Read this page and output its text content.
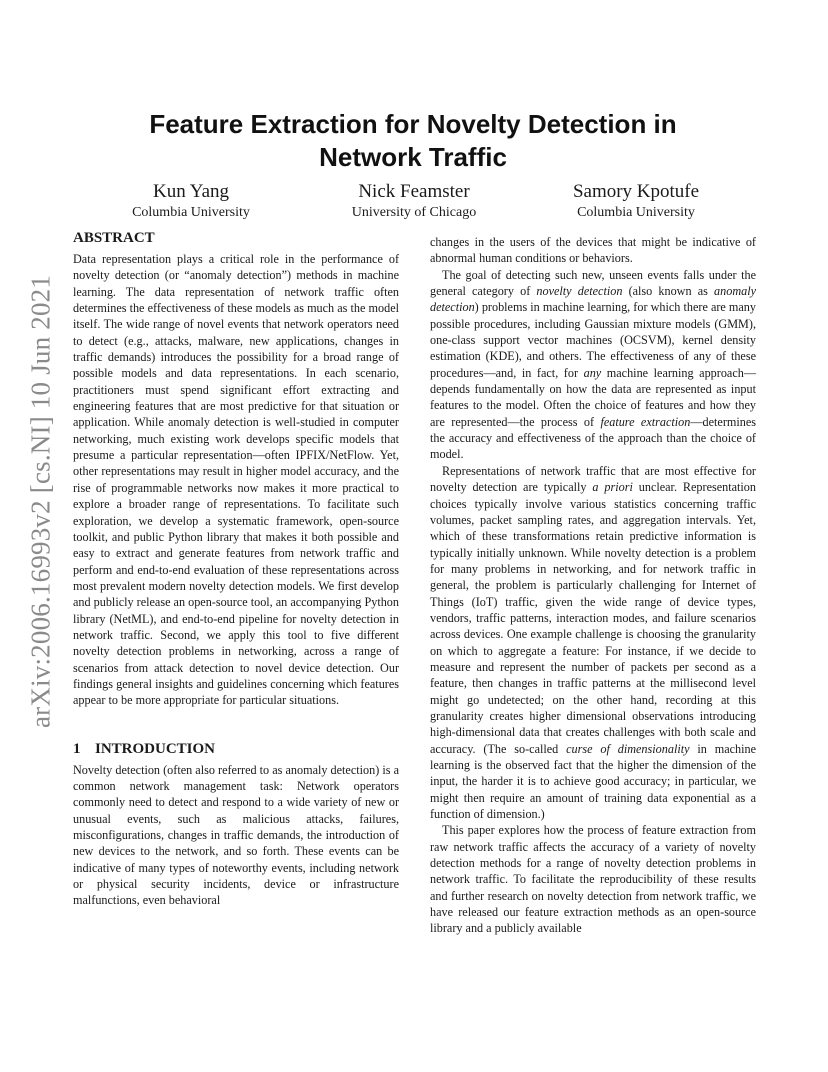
arXiv:2006.16993v2 [cs.NI] 10 Jun 2021
Feature Extraction for Novelty Detection in Network Traffic
Kun Yang
Columbia University
Nick Feamster
University of Chicago
Samory Kpotufe
Columbia University
ABSTRACT

Data representation plays a critical role in the performance of novelty detection (or “anomaly detection”) methods in machine learning. The data representation of network traffic often determines the effectiveness of these models as much as the model itself. The wide range of novel events that network operators need to detect (e.g., attacks, malware, new applications, changes in traffic demands) introduces the possibility for a broad range of possible models and data representations. In each scenario, practitioners must spend significant effort extracting and engineering features that are most predictive for that situation or application. While anomaly detection is well-studied in computer networking, much existing work develops specific models that presume a particular representation—often IPFIX/NetFlow. Yet, other representations may result in higher model accuracy, and the rise of programmable networks now makes it more practical to explore a broader range of representations. To facilitate such exploration, we develop a systematic framework, open-source toolkit, and public Python library that makes it both possible and easy to extract and generate features from network traffic and perform and end-to-end evaluation of these representations across most prevalent modern novelty detection models. We first develop and publicly release an open-source tool, an accompanying Python library (NetML), and end-to-end pipeline for novelty detection in network traffic. Second, we apply this tool to five different novelty detection problems in networking, across a range of scenarios from attack detection to novel device detection. Our findings general insights and guidelines concerning which features appear to be more appropriate for particular situations.

1 INTRODUCTION

Novelty detection (often also referred to as anomaly detection) is a common network management task: Network operators commonly need to detect and respond to a wide variety of new or unusual events, such as malicious attacks, failures, misconfigurations, changes in traffic demands, the introduction of new devices to the network, and so forth. These events can be indicative of many types of noteworthy events, including network or physical security incidents, device or infrastructure malfunctions, even behavioral

changes in the users of the devices that might be indicative of abnormal human conditions or behaviors.

The goal of detecting such new, unseen events falls under the general category of novelty detection (also known as anomaly detection) problems in machine learning, for which there are many possible procedures, including Gaussian mixture models (GMM), one-class support vector machines (OCSVM), kernel density estimation (KDE), and others. The effectiveness of any of these procedures—and, in fact, for any machine learning approach—depends fundamentally on how the data are represented as input features to the model. Often the choice of features and how they are represented—the process of feature extraction—determines the accuracy and effectiveness of the approach than the choice of model.

Representations of network traffic that are most effective for novelty detection are typically a priori unclear. Representation choices typically involve various statistics concerning traffic volumes, packet sampling rates, and aggregation intervals. Yet, which of these transformations retain predictive information is typically initially unknown. While novelty detection is a problem for many problems in networking, and for network traffic in general, the problem is particularly challenging for Internet of Things (IoT) traffic, given the wide range of device types, vendors, traffic patterns, interaction modes, and failure scenarios across devices. One example challenge is choosing the granularity on which to aggregate a feature: For instance, if we decide to measure and represent the number of packets per second as a feature, then changes in traffic patterns at the millisecond level might go undetected; on the other hand, recording at this granularity creates higher dimensional observations introducing high-dimensional data that creates challenges with both scale and accuracy. (The so-called curse of dimensionality in machine learning is the observed fact that the higher the dimension of the input, the harder it is to achieve good accuracy; in particular, we might then require an amount of training data exponential as a function of dimension.)

This paper explores how the process of feature extraction from raw network traffic affects the accuracy of a variety of novelty detection methods for a range of novelty detection problems in network traffic. To facilitate the reproducibility of these results and further research on novelty detection from network traffic, we have released our feature extraction methods as an open-source library and a publicly available
